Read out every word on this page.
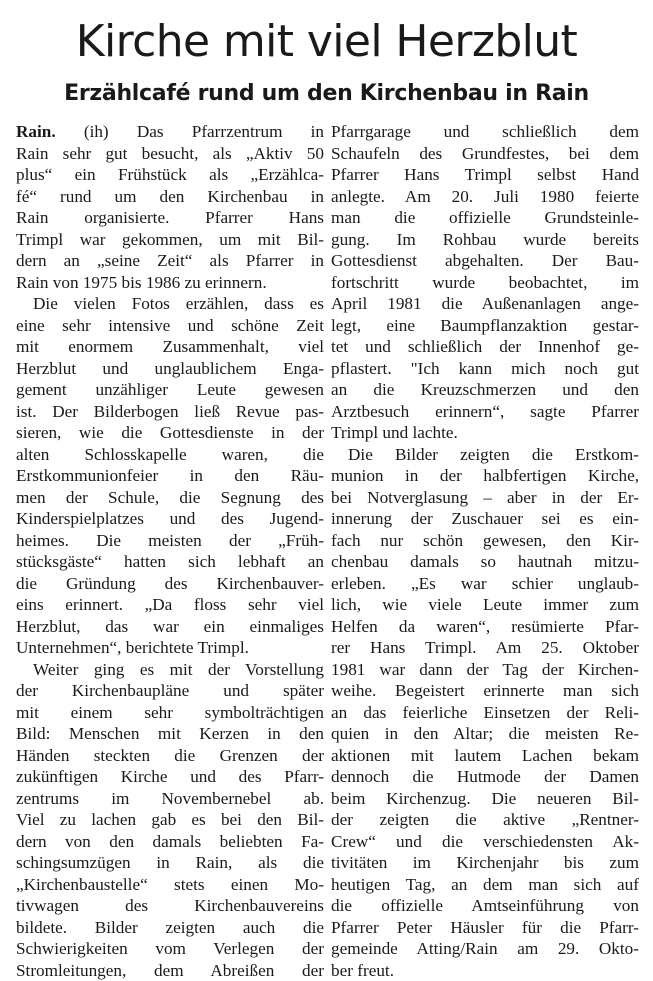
Kirche mit viel Herzblut
Erzählcafé rund um den Kirchenbau in Rain
Rain. (ih) Das Pfarrzentrum in
Rain sehr gut besucht, als „Aktiv 50
plus“ ein Frühstück als „Erzählca-
fé“ rund um den Kirchenbau in
Rain organisierte. Pfarrer Hans
Trimpl war gekommen, um mit Bil-
dern an „seine Zeit“ als Pfarrer in
Rain von 1975 bis 1986 zu erinnern.
Die vielen Fotos erzählen, dass es
eine sehr intensive und schöne Zeit
mit enormem Zusammenhalt, viel
Herzblut und unglaublichem Enga-
gement unzähliger Leute gewesen
ist. Der Bilderbogen ließ Revue pas-
sieren, wie die Gottesdienste in der
alten Schlosskapelle waren, die
Erstkommunionfeier in den Räu-
men der Schule, die Segnung des
Kinderspielplatzes und des Jugend-
heimes. Die meisten der „Früh-
stücksgäste“ hatten sich lebhaft an
die Gründung des Kirchenbauver-
eins erinnert. „Da floss sehr viel
Herzblut, das war ein einmaliges
Unternehmen“, berichtete Trimpl.
Weiter ging es mit der Vorstellung
der Kirchenbaupläne und später
mit einem sehr symbolträchtigen
Bild: Menschen mit Kerzen in den
Händen steckten die Grenzen der
zukünftigen Kirche und des Pfarr-
zentrums im Novembernebel ab.
Viel zu lachen gab es bei den Bil-
dern von den damals beliebten Fa-
schingsumzügen in Rain, als die
„Kirchenbaustelle“ stets einen Mo-
tivwagen des Kirchenbauvereins
bildete. Bilder zeigten auch die
Schwierigkeiten vom Verlegen der
Stromleitungen, dem Abreißen der
Pfarrgarage und schließlich dem
Schaufeln des Grundfestes, bei dem
Pfarrer Hans Trimpl selbst Hand
anlegte. Am 20. Juli 1980 feierte
man die offizielle Grundsteinle-
gung. Im Rohbau wurde bereits
Gottesdienst abgehalten. Der Bau-
fortschritt wurde beobachtet, im
April 1981 die Außenanlagen ange-
legt, eine Baumpflanzaktion gestar-
tet und schließlich der Innenhof ge-
pflastert. "Ich kann mich noch gut
an die Kreuzschmerzen und den
Arztbesuch erinnern“, sagte Pfarrer
Trimpl und lachte.
Die Bilder zeigten die Erstkom-
munion in der halbfertigen Kirche,
bei Notverglasung – aber in der Er-
innerung der Zuschauer sei es ein-
fach nur schön gewesen, den Kir-
chenbau damals so hautnah mitzu-
erleben. „Es war schier unglaub-
lich, wie viele Leute immer zum
Helfen da waren“, resümierte Pfar-
rer Hans Trimpl. Am 25. Oktober
1981 war dann der Tag der Kirchen-
weihe. Begeistert erinnerte man sich
an das feierliche Einsetzen der Reli-
quien in den Altar; die meisten Re-
aktionen mit lautem Lachen bekam
dennoch die Hutmode der Damen
beim Kirchenzug. Die neueren Bil-
der zeigten die aktive „Rentner-
Crew“ und die verschiedensten Ak-
tivitäten im Kirchenjahr bis zum
heutigen Tag, an dem man sich auf
die offizielle Amtseinführung von
Pfarrer Peter Häusler für die Pfarr-
gemeinde Atting/Rain am 29. Okto-
ber freut.
